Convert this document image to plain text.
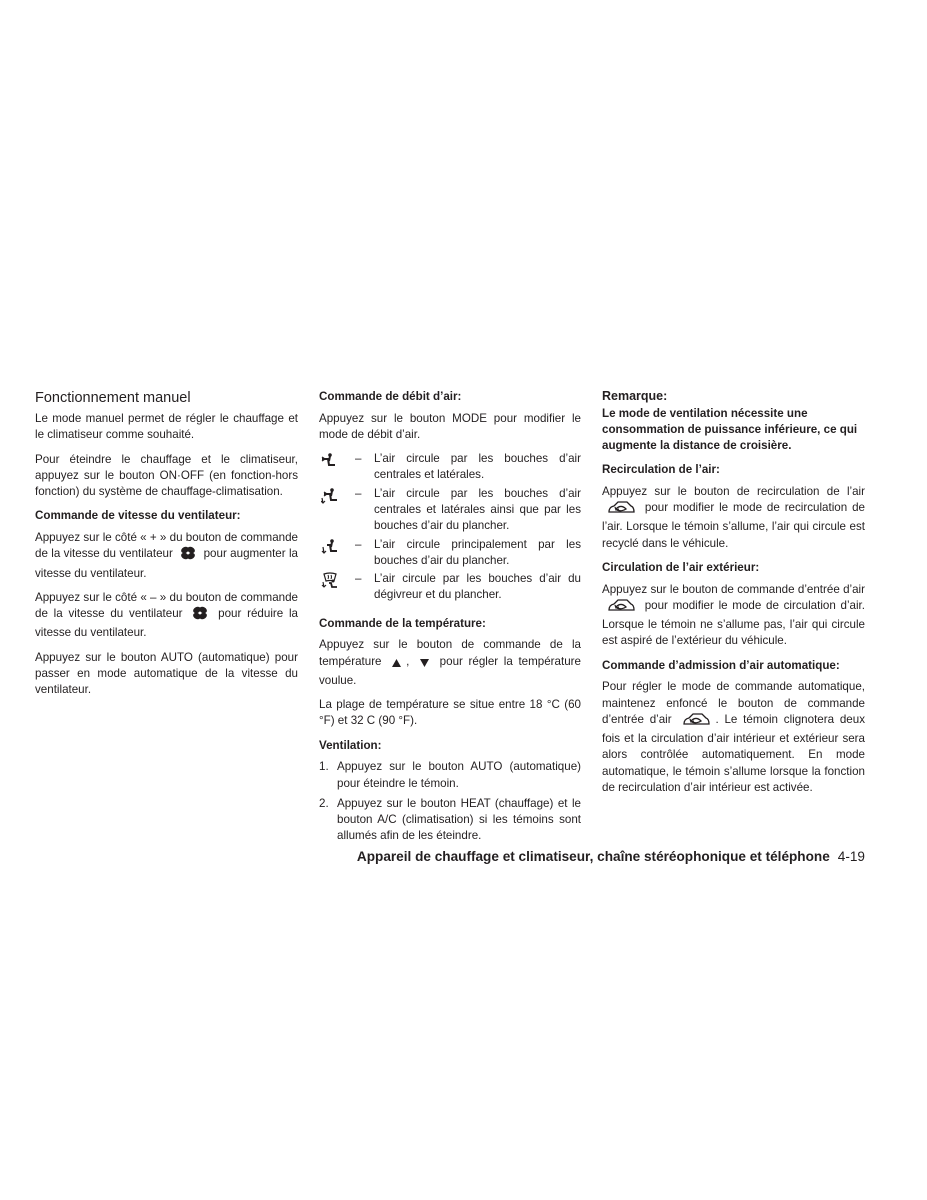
Fonctionnement manuel

Le mode manuel permet de régler le chauffage et le climatiseur comme souhaité.

Pour éteindre le chauffage et le climatiseur, appuyez sur le bouton ON·OFF (en fonction-hors fonction) du système de chauffage-climatisation.

Commande de vitesse du ventilateur:

Appuyez sur le côté « + » du bouton de commande de la vitesse du ventilateur	pour augmenter la vitesse du ventilateur.

Appuyez sur le côté « – » du bouton de commande de la vitesse du ventilateur	pour réduire la vitesse du ventilateur.

Appuyez sur le bouton AUTO (automatique) pour passer en mode automatique de la vitesse du ventilateur.

Commande de débit d’air:

Appuyez sur le bouton MODE pour modifier le mode de débit d’air.

–	L’air circule par les bouches d’air centrales et latérales.
–	L’air circule par les bouches d’air centrales et latérales ainsi que par les bouches d’air du plancher.
–	L’air circule principalement par les bouches d’air du plancher.
–	L’air circule par les bouches d’air du dégivreur et du plancher.
Commande de la température:

Appuyez sur le bouton de commande de la température ,	pour régler la température voulue.

La plage de température se situe entre 18 °C (60 °F) et 32 C (90 °F).

Ventilation:
1. Appuyez sur le bouton AUTO (automatique) pour éteindre le témoin.
2. Appuyez sur le bouton HEAT (chauffage) et le bouton A/C (climatisation) si les témoins sont allumés afin de les éteindre.
Remarque:

Le mode de ventilation nécessite une consommation de puissance inférieure, ce qui augmente la distance de croisière.

Recirculation de l’air:

Appuyez sur le bouton de recirculation de l’air  pour modifier le mode de recirculation de l’air. Lorsque le témoin s’allume, l’air qui circule est recyclé dans le véhicule.

Circulation de l’air extérieur:

Appuyez sur le bouton de commande d’entrée d’air  pour modifier le mode de circulation d’air. Lorsque le témoin ne s’allume pas, l’air qui circule est aspiré de l’extérieur du véhicule.

Commande d’admission d’air automatique:

Pour régler le mode de commande automatique, maintenez enfoncé le bouton de commande d’entrée d’air	. Le témoin clignotera deux fois et la circulation d’air intérieur et extérieur sera alors contrôlée automatiquement. En mode automatique, le témoin s’allume lorsque la fonction de recirculation d’air intérieur est activée.

Appareil de chauffage et climatiseur, chaîne stéréophonique et téléphone 4-19
